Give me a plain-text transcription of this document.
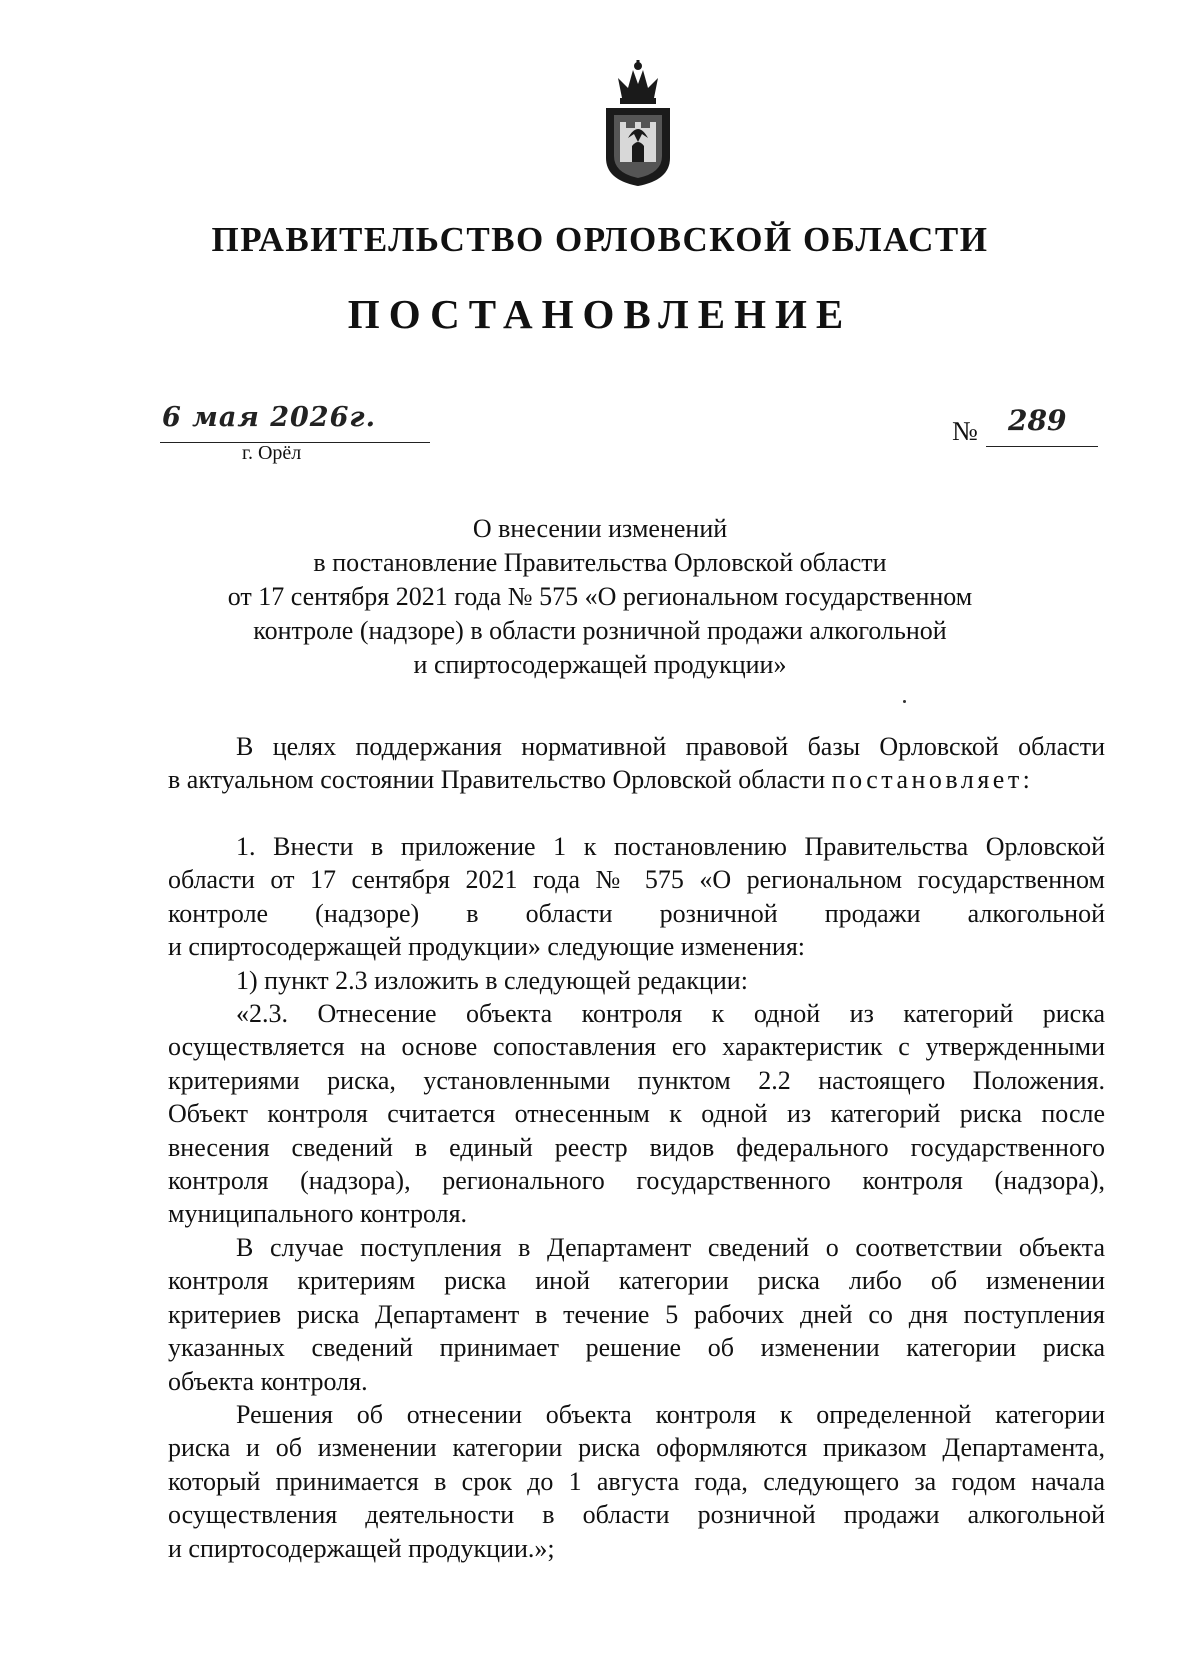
ПРАВИТЕЛЬСТВО ОРЛОВСКОЙ ОБЛАСТИ
ПОСТАНОВЛЕНИЕ
6 мая 2026г.
г. Орёл
№ 289
О внесении изменений
в постановление Правительства Орловской области
от 17 сентября 2021 года № 575 «О региональном государственном
контроле (надзоре) в области розничной продажи алкогольной
и спиртосодержащей продукции»
В целях поддержания нормативной правовой базы Орловской области
в актуальном состоянии Правительство Орловской области постановляет:
1. Внести в приложение 1 к постановлению Правительства Орловской
области от 17 сентября 2021 года № 575 «О региональном государственном
контроле (надзоре) в области розничной продажи алкогольной
и спиртосодержащей продукции» следующие изменения:
1) пункт 2.3 изложить в следующей редакции:
«2.3. Отнесение объекта контроля к одной из категорий риска
осуществляется на основе сопоставления его характеристик с утвержденными
критериями риска, установленными пунктом 2.2 настоящего Положения.
Объект контроля считается отнесенным к одной из категорий риска после
внесения сведений в единый реестр видов федерального государственного
контроля (надзора), регионального государственного контроля (надзора),
муниципального контроля.
В случае поступления в Департамент сведений о соответствии объекта
контроля критериям риска иной категории риска либо об изменении
критериев риска Департамент в течение 5 рабочих дней со дня поступления
указанных сведений принимает решение об изменении категории риска
объекта контроля.
Решения об отнесении объекта контроля к определенной категории
риска и об изменении категории риска оформляются приказом Департамента,
который принимается в срок до 1 августа года, следующего за годом начала
осуществления деятельности в области розничной продажи алкогольной
и спиртосодержащей продукции.»;
